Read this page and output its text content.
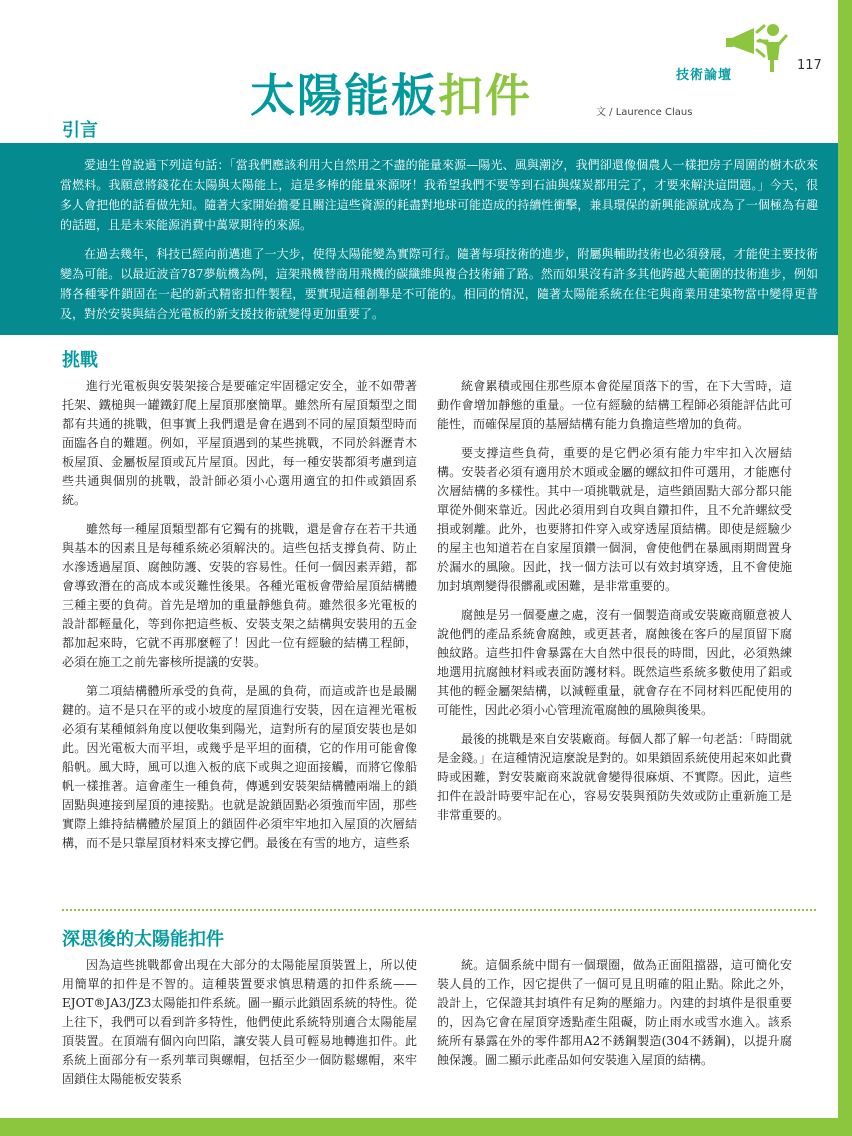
技術論壇
117
太陽能板扣件	文 / Laurence Claus
引言

愛迪生曾說過下列這句話：「當我們應該利用大自然用之不盡的能量來源—陽光、風與潮汐，我們卻還像個農人一樣把房子周圍的樹木砍來當燃料。我願意將錢花在太陽與太陽能上，這是多棒的能量來源呀！我希望我們不要等到石油與煤炭都用完了，才要來解決這問題。」今天，很多人會把他的話看做先知。隨著大家開始擔憂且關注這些資源的耗盡對地球可能造成的持續性衝擊，兼具環保的新興能源就成為了一個極為有趣的話題，且是未來能源消費中萬眾期待的來源。

在過去幾年，科技已經向前邁進了一大步，使得太陽能變為實際可行。隨著每項技術的進步，附屬與輔助技術也必須發展，才能使主要技術變為可能。以最近波音787夢航機為例，這架飛機替商用飛機的碳纖維與複合技術鋪了路。然而如果沒有許多其他跨越大範圍的技術進步，例如將各種零件鎖固在一起的新式精密扣件製程，要實現這種創舉是不可能的。相同的情況，隨著太陽能系統在住宅與商業用建築物當中變得更普及，對於安裝與結合光電板的新支援技術就變得更加重要了。

挑戰

進行光電板與安裝架接合是要確定牢固穩定安全，並不如帶著托架、鐵槌與一罐鐵釘爬上屋頂那麼簡單。雖然所有屋頂類型之間都有共通的挑戰，但事實上我們還是會在遇到不同的屋頂類型時而面臨各自的難題。例如，平屋頂遇到的某些挑戰，不同於斜瀝青木板屋頂、金屬板屋頂或瓦片屋頂。因此，每一種安裝都須考慮到這些共通與個別的挑戰，設計師必須小心選用適宜的扣件或鎖固系統。

雖然每一種屋頂類型都有它獨有的挑戰，還是會存在若干共通與基本的因素且是每種系統必須解決的。這些包括支撐負荷、防止水滲透過屋頂、腐蝕防護、安裝的容易性。任何一個因素弄錯，都會導致潛在的高成本或災難性後果。各種光電板會帶給屋頂結構體三種主要的負荷。首先是增加的重量靜態負荷。雖然很多光電板的設計都輕量化，等到你把這些板、安裝支架之結構與安裝用的五金都加起來時，它就不再那麼輕了！因此一位有經驗的結構工程師，必須在施工之前先審核所提議的安裝。

第二項結構體所承受的負荷，是風的負荷，而這或許也是最關鍵的。這不是只在平的或小坡度的屋頂進行安裝，因在這裡光電板必須有某種傾斜角度以便收集到陽光，這對所有的屋頂安裝也是如此。因光電板大而平坦，或幾乎是平坦的面積，它的作用可能會像船帆。風大時，風可以進入板的底下或與之迎面接觸，而將它像船帆一樣推著。這會產生一種負荷，傳遞到安裝架結構體兩端上的鎖固點與連接到屋頂的連接點。也就是說鎖固點必須強而牢固，那些實際上維持結構體於屋頂上的鎖固件必須牢牢地扣入屋頂的次層結構，而不是只靠屋頂材料來支撐它們。最後在有雪的地方，這些系

統會累積或囤住那些原本會從屋頂落下的雪，在下大雪時，這動作會增加靜態的重量。一位有經驗的結構工程師必須能評估此可能性，而確保屋頂的基層結構有能力負擔這些增加的負荷。

要支撐這些負荷，重要的是它們必須有能力牢牢扣入次層結構。安裝者必須有適用於木頭或金屬的螺紋扣件可選用，才能應付次層結構的多樣性。其中一項挑戰就是，這些鎖固點大部分都只能單從外側來靠近。因此必須用到自攻與自鑽扣件，且不允許螺紋受損或剝離。此外，也要將扣件穿入或穿透屋頂結構。即使是經驗少的屋主也知道若在自家屋頂鑽一個洞，會使他們在暴風雨期間置身於漏水的風險。因此，找一個方法可以有效封填穿透，且不會使施加封填劑變得很髒亂或困難，是非常重要的。

腐蝕是另一個憂慮之處，沒有一個製造商或安裝廠商願意被人說他們的產品系統會腐蝕，或更甚者，腐蝕後在客戶的屋頂留下腐蝕紋路。這些扣件會暴露在大自然中很長的時間，因此，必須熟練地選用抗腐蝕材料或表面防護材料。既然這些系統多數使用了鋁或其他的輕金屬架結構，以減輕重量，就會存在不同材料匹配使用的可能性，因此必須小心管理流電腐蝕的風險與後果。

最後的挑戰是來自安裝廠商。每個人都了解一句老話：「時間就是金錢。」在這種情況這麼說是對的。如果鎖固系統使用起來如此費時或困難，對安裝廠商來說就會變得很麻煩、不實際。因此，這些扣件在設計時要牢記在心，容易安裝與預防失效或防止重新施工是非常重要的。

深思後的太陽能扣件

因為這些挑戰都會出現在大部分的太陽能屋頂裝置上，所以使用簡單的扣件是不智的。這種裝置要求慎思精選的扣件系統——EJOT®JA3/JZ3太陽能扣件系統。圖一顯示此鎖固系統的特性。從上往下，我們可以看到許多特性，他們使此系統特別適合太陽能屋頂裝置。在頂端有個內向凹陷，讓安裝人員可輕易地轉進扣件。此系統上面部分有一系列華司與螺帽，包括至少一個防鬆螺帽，來牢固鎖住太陽能板安裝系

統。這個系統中間有一個環圈，做為正面阻擋器，這可簡化安裝人員的工作，因它提供了一個可見且明確的阻止點。除此之外，設計上，它保證其封填件有足夠的壓縮力。內建的封填件是很重要的，因為它會在屋頂穿透點產生阻礙，防止雨水或雪水進入。該系統所有暴露在外的零件都用A2不銹鋼製造(304不銹鋼)，以提升腐蝕保護。圖二顯示此產品如何安裝進入屋頂的結構。
